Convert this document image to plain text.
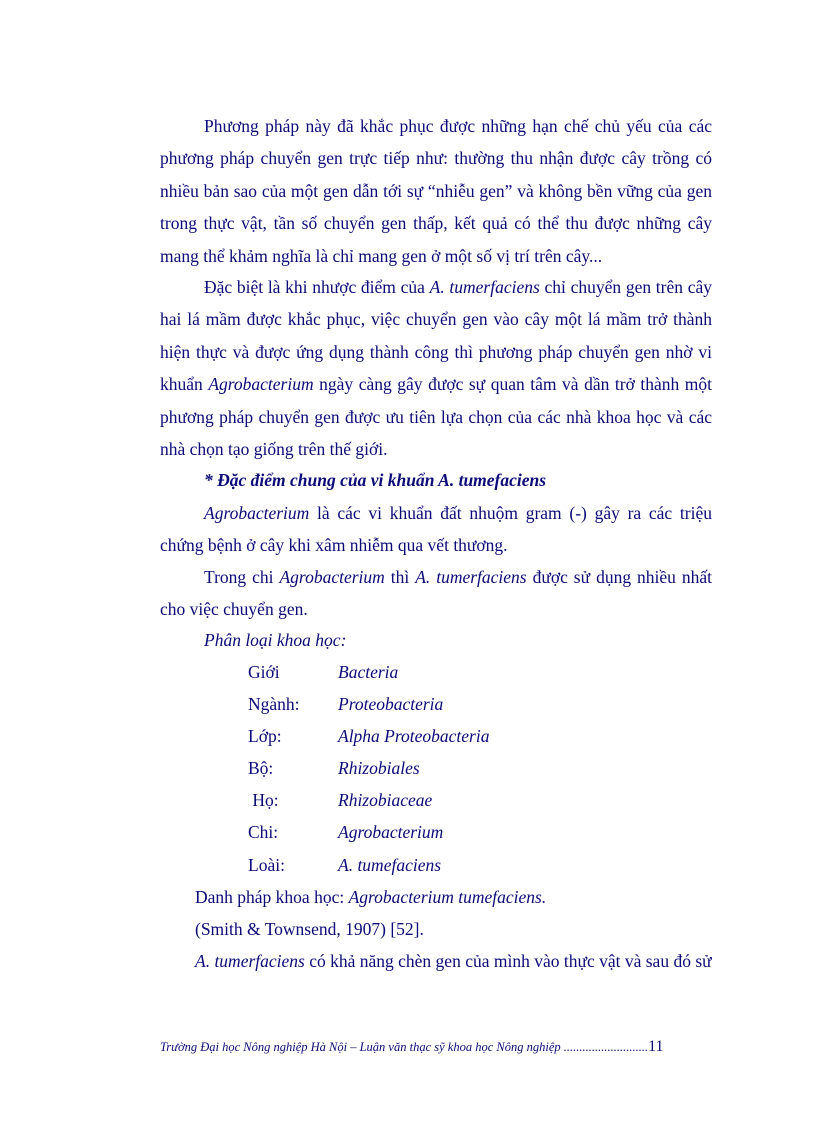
Phương pháp này đã khắc phục được những hạn chế chủ yếu của các phương pháp chuyển gen trực tiếp như: thường thu nhận được cây trồng có nhiều bản sao của một gen dẫn tới sự “nhiễu gen” và không bền vững của gen trong thực vật, tần số chuyển gen thấp, kết quả có thể thu được những cây mang thể khảm nghĩa là chỉ mang gen ở một số vị trí trên cây...

Đặc biệt là khi nhược điểm của A. tumerfaciens chỉ chuyển gen trên cây hai lá mầm được khắc phục, việc chuyển gen vào cây một lá mầm trở thành hiện thực và được ứng dụng thành công thì phương pháp chuyển gen nhờ vi khuẩn Agrobacterium ngày càng gây được sự quan tâm và dần trở thành một phương pháp chuyển gen được ưu tiên lựa chọn của các nhà khoa học và các nhà chọn tạo giống trên thế giới.

* Đặc điểm chung của vi khuẩn A. tumefaciens

Agrobacterium là các vi khuẩn đất nhuộm gram (-) gây ra các triệu chứng bệnh ở cây khi xâm nhiễm qua vết thương.

Trong chi Agrobacterium thì A. tumerfaciens được sử dụng nhiều nhất cho việc chuyển gen.

Phân loại khoa học:
Giới	Bacteria
Ngành: Proteobacteria
Lớp:	Alpha Proteobacteria
Bộ:	Rhizobiales
Họ:	Rhizobiaceae
Chi:	Agrobacterium
Loài:	A. tumefaciens
Danh pháp khoa học: Agrobacterium tumefaciens.
(Smith & Townsend, 1907) [52].
A. tumerfaciens có khả năng chèn gen của mình vào thực vật và sau đó sử
Trường Đại học Nông nghiệp Hà Nội – Luận văn thạc sỹ khoa học Nông nghiệp ...........................11
